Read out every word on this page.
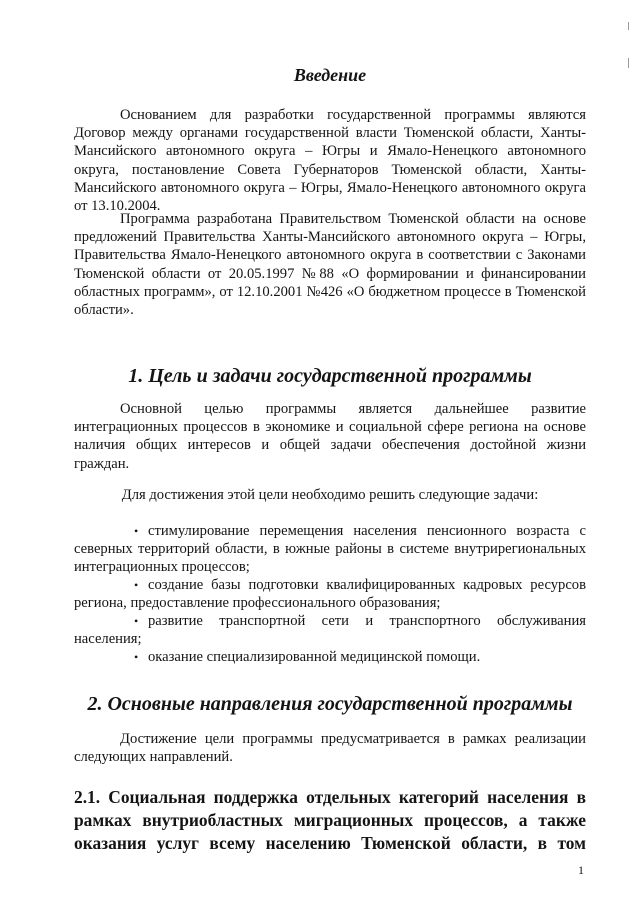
Введение

Основанием для разработки государственной программы являются Договор между органами государственной власти Тюменской области, Ханты-Мансийского автономного округа – Югры и Ямало-Ненецкого автономного округа, постановление Совета Губернаторов Тюменской области, Ханты-Мансийского автономного округа – Югры, Ямало-Ненецкого автономного округа от 13.10.2004.

Программа разработана Правительством Тюменской области на основе предложений Правительства Ханты-Мансийского автономного округа – Югры, Правительства Ямало-Ненецкого автономного округа в соответствии с Законами Тюменской области от 20.05.1997 №88 «О формировании и финансировании областных программ», от 12.10.2001 №426 «О бюджетном процессе в Тюменской области».

1. Цель и задачи государственной программы

Основной целью программы является дальнейшее развитие интеграционных процессов в экономике и социальной сфере региона на основе наличия общих интересов и общей задачи обеспечения достойной жизни граждан.

Для достижения этой цели необходимо решить следующие задачи:

• стимулирование перемещения населения пенсионного возраста с северных территорий области, в южные районы в системе внутрирегиональных интеграционных процессов;

• создание базы подготовки квалифицированных кадровых ресурсов региона, предоставление профессионального образования;

• развитие транспортной сети и транспортного обслуживания населения;

• оказание специализированной медицинской помощи.

2. Основные направления государственной программы

Достижение цели программы предусматривается в рамках реализации следующих направлений.

2.1. Социальная поддержка отдельных категорий населения в рамках внутриобластных миграционных процессов, а также оказания услуг всему населению Тюменской области, в том

1
